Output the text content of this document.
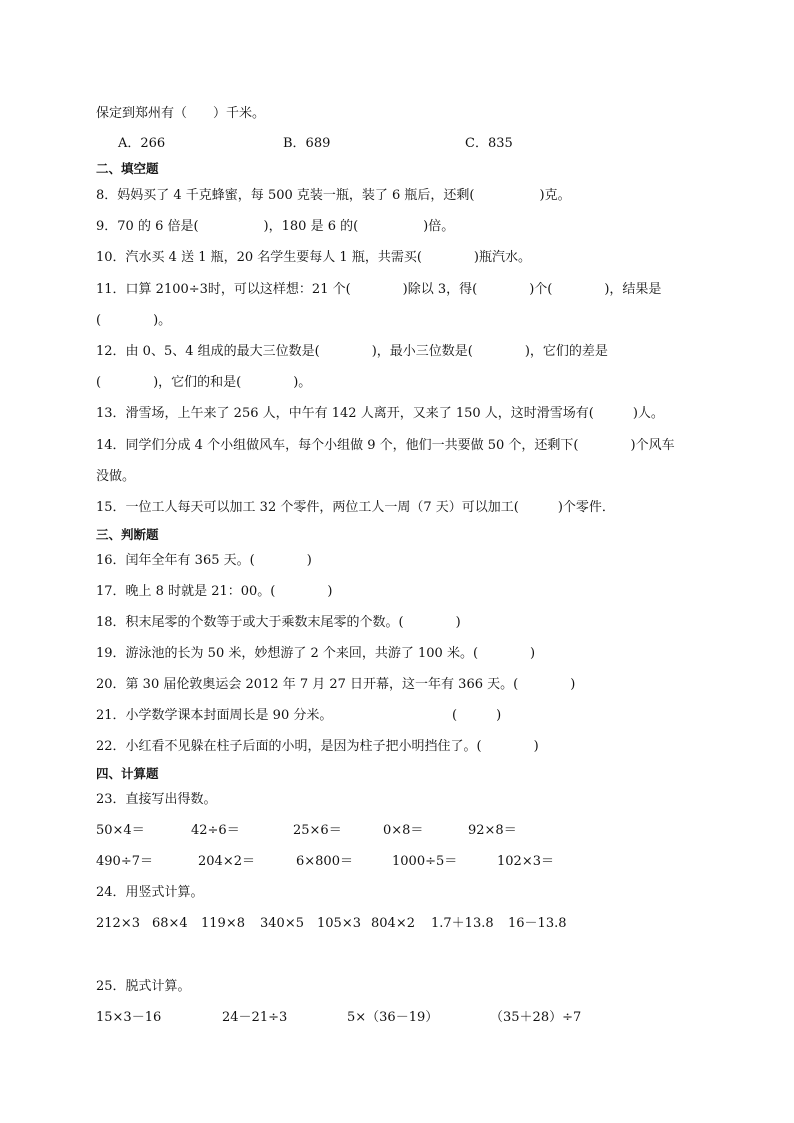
保定到郑州有（　　）千米。
A．266	B．689	C．835
二、填空题
8．妈妈买了 4 千克蜂蜜，每 500 克装一瓶，装了 6 瓶后，还剩(　　　　　)克。
9．70 的 6 倍是(　　　　　)，180 是 6 的(　　　　　)倍。
10．汽水买 4 送 1 瓶，20 名学生要每人 1 瓶，共需买(　　　　)瓶汽水。
11．口算 2100÷3时，可以这样想：21 个(　　　　)除以 3，得(　　　　)个(　　　　)，结果是
(　　　　)。
12．由 0、5、4 组成的最大三位数是(　　　　)，最小三位数是(　　　　)，它们的差是
(　　　　)，它们的和是(　　　　)。
13．滑雪场，上午来了 256 人，中午有 142 人离开，又来了 150 人，这时滑雪场有(　　　)人。
14．同学们分成 4 个小组做风车，每个小组做 9 个，他们一共要做 50 个，还剩下(　　　　)个风车
没做。
15．一位工人每天可以加工 32 个零件，两位工人一周（7 天）可以加工(　　　)个零件．
三、判断题
16．闰年全年有 365 天。(　　　　)
17．晚上 8 时就是 21：00。(　　　　)
18．积末尾零的个数等于或大于乘数末尾零的个数。(　　　　)
19．游泳池的长为 50 米，妙想游了 2 个来回，共游了 100 米。(　　　　)
20．第 30 届伦敦奥运会 2012 年 7 月 27 日开幕，这一年有 366 天。(　　　　)
21．小学数学课本封面周长是 90 分米。	(　　　)
22．小红看不见躲在柱子后面的小明，是因为柱子把小明挡住了。(　　　　)
四、计算题
23．直接写出得数。
50×4＝	42÷6＝	25×6＝	0×8＝	92×8＝
490÷7＝	204×2＝	6×800＝	1000÷5＝	102×3＝
24．用竖式计算。
212×3 68×4 119×8 340×5 105×3 804×2 1.7＋13.8 16－13.8
25．脱式计算。
15×3－16	24－21÷3	5×（36－19）	（35＋28）÷7
